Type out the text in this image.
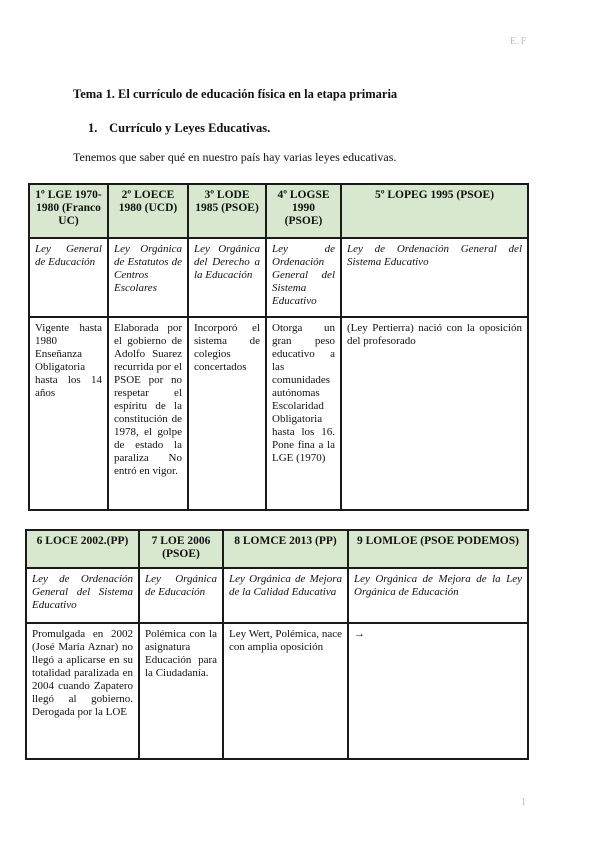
E.F
Tema 1. El currículo de educación física en la etapa primaria
1. Currículo y Leyes Educativas.
Tenemos que saber qué en nuestro país hay varias leyes educativas.
1º LGE 1970-1980 (Franco UC)	2º LOECE 1980 (UCD)	3º LODE 1985 (PSOE)	4º LOGSE 1990 (PSOE)	5º LOPEG 1995 (PSOE)
Ley General de Educación	Ley Orgánica de Estatutos de Centros Escolares	Ley Orgánica del Derecho a la Educación	Ley de Ordenación General del Sistema Educativo	Ley de Ordenación General del Sistema Educativo
Vigente hasta 1980 Enseñanza Obligatoria hasta los 14 años	Elaborada por el gobierno de Adolfo Suarez recurrida por el PSOE por no respetar el espíritu de la constitución de 1978, el golpe de estado la paraliza No entró en vigor.	Incorporó el sistema de colegios concertados	Otorga un gran peso educativo a las comunidades autónomas Escolaridad Obligatoria hasta los 16. Pone fina a la LGE (1970)	(Ley Pertierra) nació con la oposición del profesorado
6 LOCE 2002.(PP)	7 LOE 2006 (PSOE)	8 LOMCE 2013 (PP)	9 LOMLOE (PSOE PODEMOS)
Ley de Ordenación General del Sistema Educativo	Ley Orgánica de Educación	Ley Orgánica de Mejora de la Calidad Educativa	Ley Orgánica de Mejora de la Ley Orgánica de Educación
Promulgada en 2002 (José María Aznar) no llegó a aplicarse en su totalidad paralizada en 2004 cuando Zapatero llegó al gobierno. Derogada por la LOE	Polémica con la asignatura Educación para la Ciudadanía.	Ley Wert, Polémica, nace con amplia oposición	→
1
